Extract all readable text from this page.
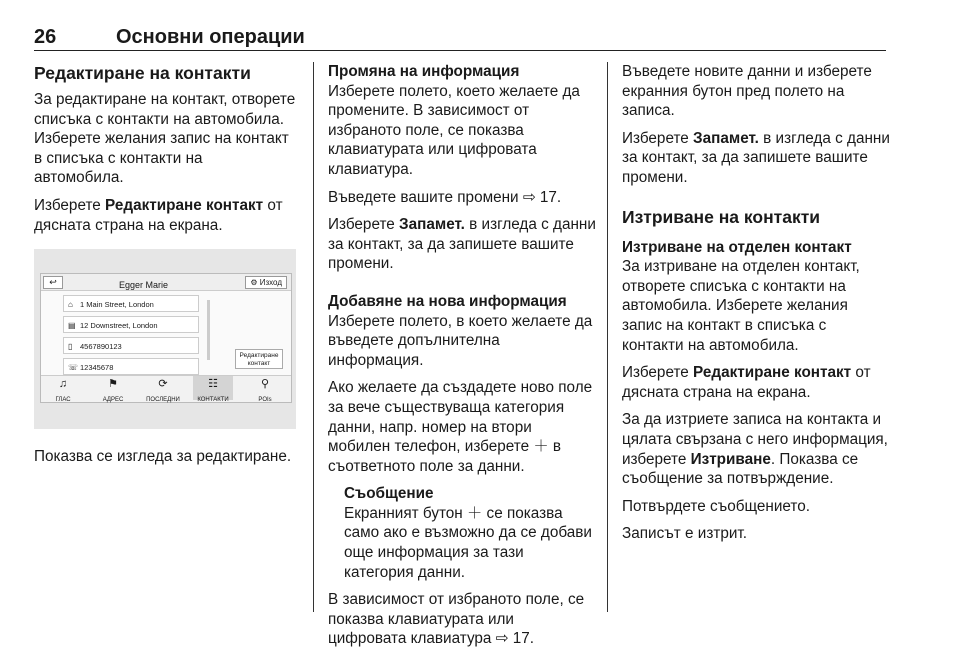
26	Основни операции
Редактиране на контакти

За редактиране на контакт, отворете списъка с контакти на автомобила. Изберете желания запис на контакт в списъка с контакти на автомобила.

Изберете Редактиране контакт от дясната страна на екрана.

↩	Egger Marie	⚙ Изход
⌂ 1 Main Street, London
▤ 12 Downstreet, London
▯ 4567890123
☏ 12345678
Редактиране
контакт
♫
ГЛАС
⚑
АДРЕС
⟳
ПОСЛЕДНИ
☷
КОНТАКТИ
⚲
POIs

Показва се изгледа за редактиране.

Промяна на информация

Изберете полето, което желаете да промените. В зависимост от избраното поле, се показва клавиатурата или цифровата клавиатура.

Въведете вашите промени ⇨ 17.

Изберете Запамет. в изгледа с данни за контакт, за да запишете вашите промени.

Добавяне на нова информация

Изберете полето, в което желаете да въведете допълнителна информация.

Ако желаете да създадете ново поле за вече съществуваща категория данни, напр. номер на втори мобилен телефон, изберете ＋ в съответното поле за данни.

Съобщение
Екранният бутон ＋ се показва само ако е възможно да се добави още информация за тази категория данни.

В зависимост от избраното поле, се показва клавиатурата или цифровата клавиатура ⇨ 17.

Въведете новите данни и изберете екранния бутон пред полето на записа.

Изберете Запамет. в изгледа с данни за контакт, за да запишете вашите промени.

Изтриване на контакти

Изтриване на отделен контакт

За изтриване на отделен контакт, отворете списъка с контакти на автомобила. Изберете желания запис на контакт в списъка с контакти на автомобила.

Изберете Редактиране контакт от дясната страна на екрана.

За да изтриете записа на контакта и цялата свързана с него информация, изберете Изтриване. Показва се съобщение за потвърждение.

Потвърдете съобщението.

Записът е изтрит.
